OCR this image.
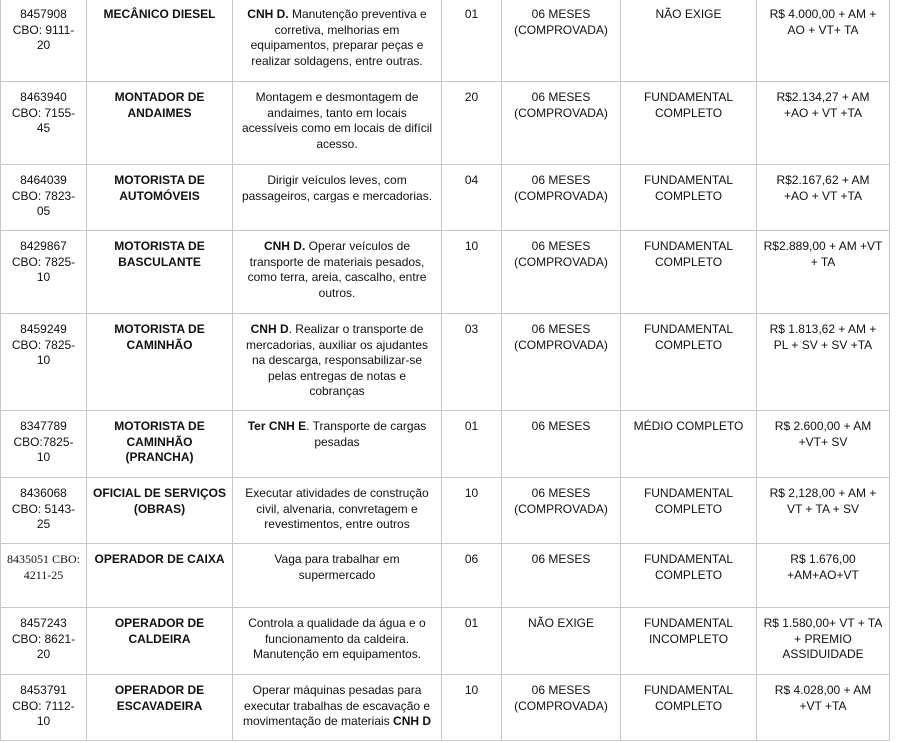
8457908 CBO: 9111-20	MECÂNICO DIESEL	CNH D. Manutenção preventiva e corretiva, melhorias em equipamentos, preparar peças e realizar soldagens, entre outras.	01	06 MESES (COMPROVADA)	NÃO EXIGE	R$ 4.000,00 + AM + AO + VT+ TA
8463940 CBO: 7155-45	MONTADOR DE ANDAIMES	Montagem e desmontagem de andaimes, tanto em locais acessíveis como em locais de difícil acesso.	20	06 MESES (COMPROVADA)	FUNDAMENTAL COMPLETO	R$2.134,27 + AM +AO + VT +TA
8464039 CBO: 7823-05	MOTORISTA DE AUTOMÓVEIS	Dirigir veículos leves, com passageiros, cargas e mercadorias.	04	06 MESES (COMPROVADA)	FUNDAMENTAL COMPLETO	R$2.167,62 + AM +AO + VT +TA
8429867 CBO: 7825-10	MOTORISTA DE BASCULANTE	CNH D. Operar veículos de transporte de materiais pesados, como terra, areia, cascalho, entre outros.	10	06 MESES (COMPROVADA)	FUNDAMENTAL COMPLETO	R$2.889,00 + AM +VT + TA
8459249 CBO: 7825-10	MOTORISTA DE CAMINHÃO	CNH D. Realizar o transporte de mercadorias, auxiliar os ajudantes na descarga, responsabilizar-se pelas entregas de notas e cobranças	03	06 MESES (COMPROVADA)	FUNDAMENTAL COMPLETO	R$ 1.813,62 + AM + PL + SV + SV +TA
8347789 CBO:7825-10	MOTORISTA DE CAMINHÃO (PRANCHA)	Ter CNH E. Transporte de cargas pesadas	01	06 MESES	MÉDIO COMPLETO	R$ 2.600,00 + AM +VT+ SV
8436068 CBO: 5143-25	OFICIAL DE SERVIÇOS (OBRAS)	Executar atividades de construção civil, alvenaria, convretagem e revestimentos, entre outros	10	06 MESES (COMPROVADA)	FUNDAMENTAL COMPLETO	R$ 2,128,00 + AM + VT + TA + SV
8435051 CBO: 4211-25	OPERADOR DE CAIXA	Vaga para trabalhar em supermercado	06	06 MESES	FUNDAMENTAL COMPLETO	R$ 1.676,00 +AM+AO+VT
8457243 CBO: 8621-20	OPERADOR DE CALDEIRA	Controla a qualidade da água e o funcionamento da caldeira. Manutenção em equipamentos.	01	NÃO EXIGE	FUNDAMENTAL INCOMPLETO	R$ 1.580,00+ VT + TA + PREMIO ASSIDUIDADE
8453791 CBO: 7112-10	OPERADOR DE ESCAVADEIRA	Operar máquinas pesadas para executar trabalhas de escavação e movimentação de materiais CNH D	10	06 MESES (COMPROVADA)	FUNDAMENTAL COMPLETO	R$ 4.028,00 + AM +VT +TA
